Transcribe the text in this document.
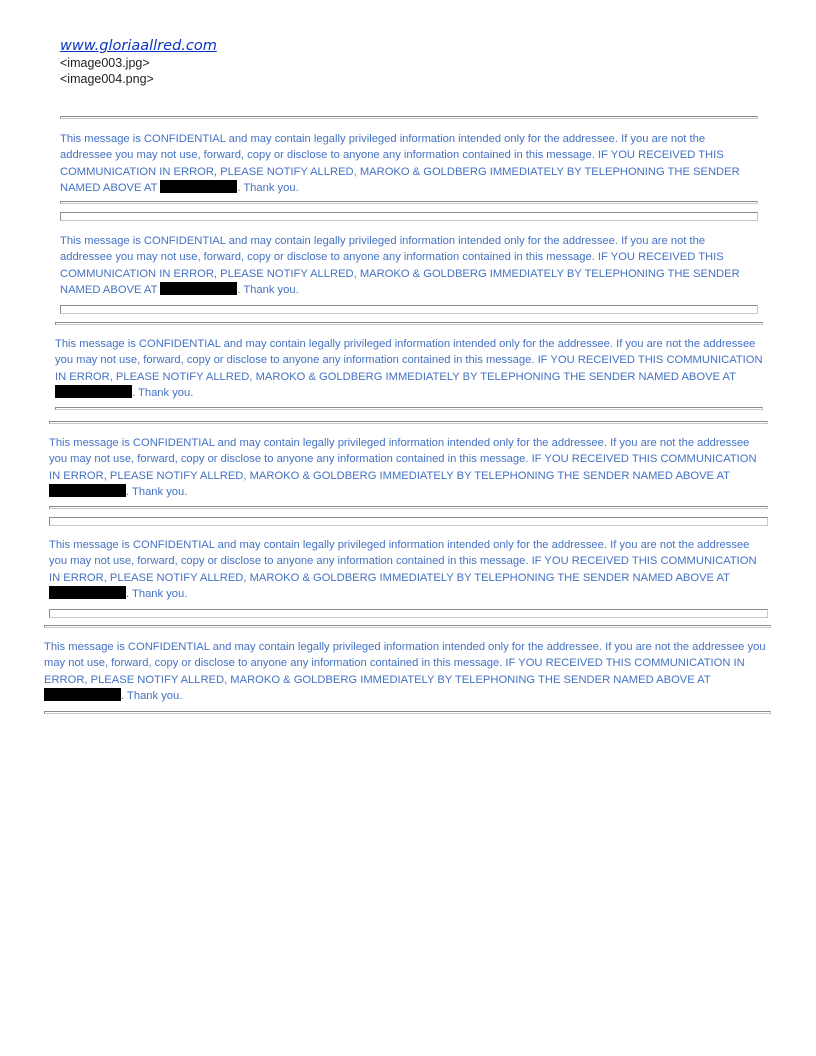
www.gloriaallred.com
<image003.jpg>
<image004.png>

This message is CONFIDENTIAL and may contain legally privileged information intended only for the addressee. If you are not the addressee you may not use, forward, copy or disclose to anyone any information contained in this message. IF YOU RECEIVED THIS COMMUNICATION IN ERROR, PLEASE NOTIFY ALLRED, MAROKO & GOLDBERG IMMEDIATELY BY TELEPHONING THE SENDER NAMED ABOVE AT	. Thank you.

This message is CONFIDENTIAL and may contain legally privileged information intended only for the addressee. If you are not the addressee you may not use, forward, copy or disclose to anyone any information contained in this message. IF YOU RECEIVED THIS COMMUNICATION IN ERROR, PLEASE NOTIFY ALLRED, MAROKO & GOLDBERG IMMEDIATELY BY TELEPHONING THE SENDER NAMED ABOVE AT	. Thank you.

This message is CONFIDENTIAL and may contain legally privileged information intended only for the addressee. If you are not the addressee you may not use, forward, copy or disclose to anyone any information contained in this message. IF YOU RECEIVED THIS COMMUNICATION IN ERROR, PLEASE NOTIFY ALLRED, MAROKO & GOLDBERG IMMEDIATELY BY TELEPHONING THE SENDER NAMED ABOVE AT . Thank you.

This message is CONFIDENTIAL and may contain legally privileged information intended only for the addressee. If you are not the addressee you may not use, forward, copy or disclose to anyone any information contained in this message. IF YOU RECEIVED THIS COMMUNICATION IN ERROR, PLEASE NOTIFY ALLRED, MAROKO & GOLDBERG IMMEDIATELY BY TELEPHONING THE SENDER NAMED ABOVE AT . Thank you.

This message is CONFIDENTIAL and may contain legally privileged information intended only for the addressee. If you are not the addressee you may not use, forward, copy or disclose to anyone any information contained in this message. IF YOU RECEIVED THIS COMMUNICATION IN ERROR, PLEASE NOTIFY ALLRED, MAROKO & GOLDBERG IMMEDIATELY BY TELEPHONING THE SENDER NAMED ABOVE AT . Thank you.

This message is CONFIDENTIAL and may contain legally privileged information intended only for the addressee. If you are not the addressee you may not use, forward, copy or disclose to anyone any information contained in this message. IF YOU RECEIVED THIS COMMUNICATION IN ERROR, PLEASE NOTIFY ALLRED, MAROKO & GOLDBERG IMMEDIATELY BY TELEPHONING THE SENDER NAMED ABOVE AT . Thank you.
